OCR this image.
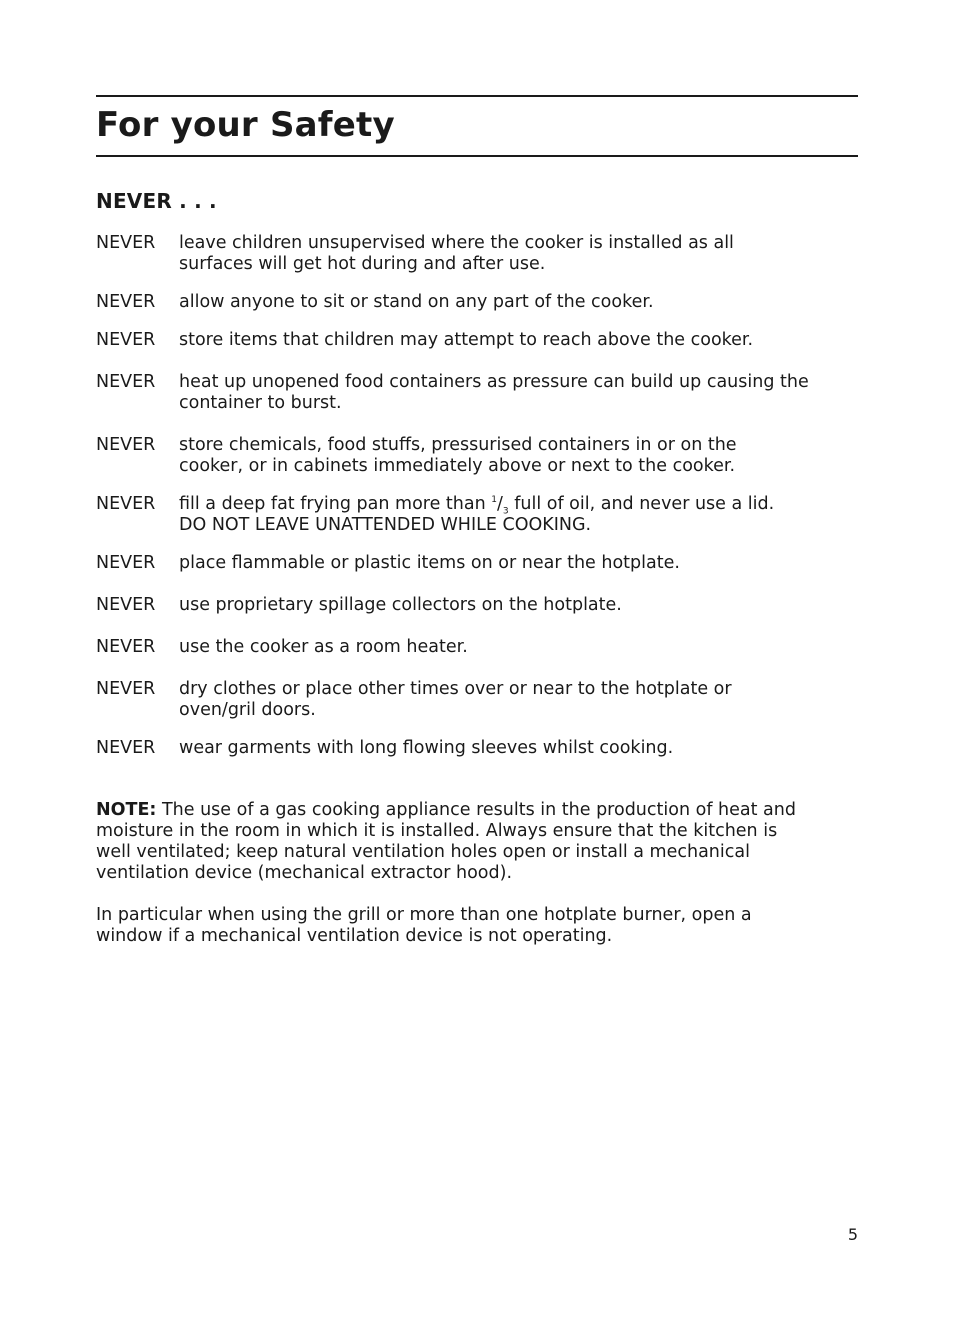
For your Safety
NEVER . . .
NEVER	leave children unsupervised where the cooker is installed as all
surfaces will get hot during and after use.
NEVER	allow anyone to sit or stand on any part of the cooker.
NEVER	store items that children may attempt to reach above the cooker.
NEVER	heat up unopened food containers as pressure can build up causing the
container to burst.
NEVER	store chemicals, food stuffs, pressurised containers in or on the
cooker, or in cabinets immediately above or next to the cooker.
NEVER	fill a deep fat frying pan more than $^1/_3$ full of oil, and never use a lid.
DO NOT LEAVE UNATTENDED WHILE COOKING.
NEVER	place flammable or plastic items on or near the hotplate.
NEVER	use proprietary spillage collectors on the hotplate.
NEVER	use the cooker as a room heater.
NEVER	dry clothes or place other times over or near to the hotplate or
oven/gril doors.
NEVER	wear garments with long flowing sleeves whilst cooking.
NOTE: The use of a gas cooking appliance results in the production of heat and
moisture in the room in which it is installed. Always ensure that the kitchen is
well ventilated; keep natural ventilation holes open or install a mechanical
ventilation device (mechanical extractor hood).
In particular when using the grill or more than one hotplate burner, open a
window if a mechanical ventilation device is not operating.
5
